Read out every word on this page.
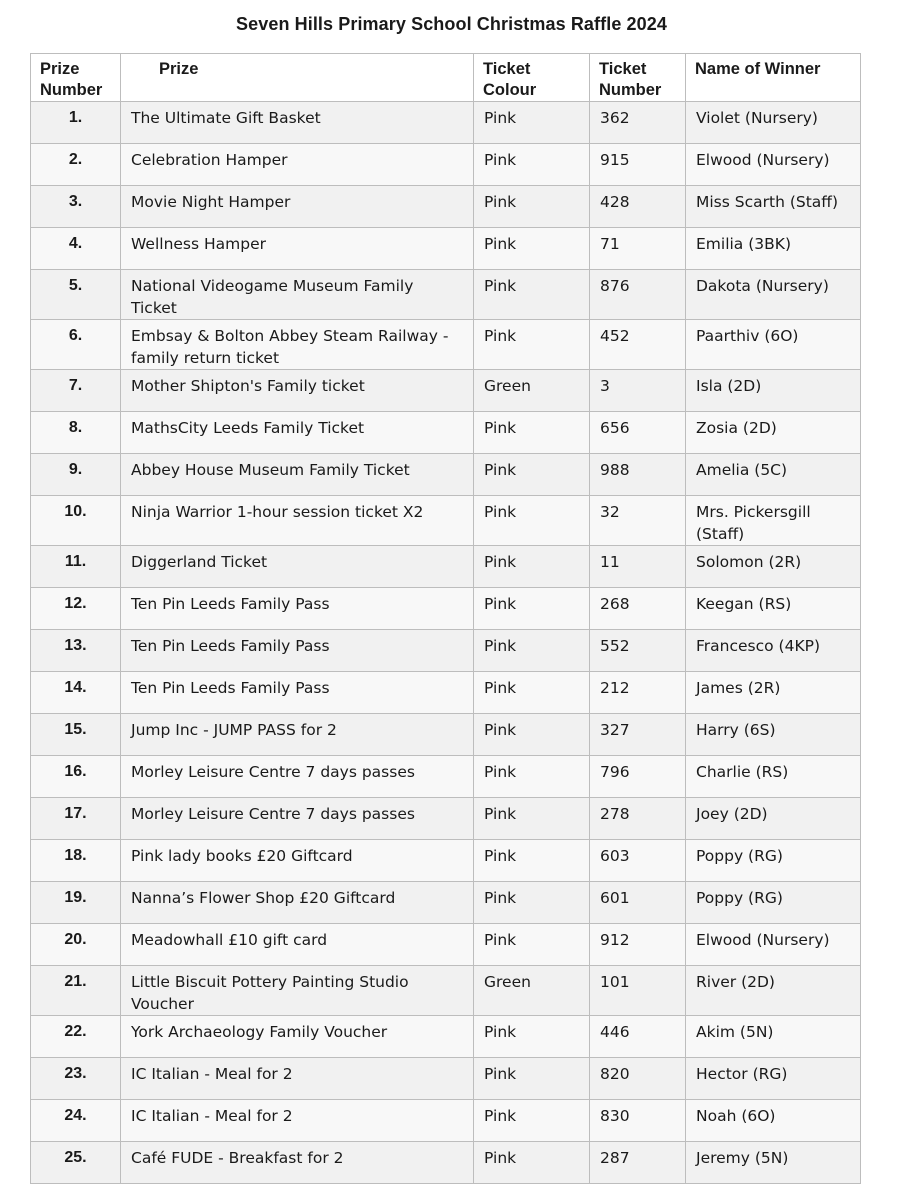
Seven Hills Primary School Christmas Raffle 2024
Prize Number	Prize	Ticket Colour	Ticket Number	Name of Winner
1.	The Ultimate Gift Basket	Pink	362	Violet (Nursery)
2.	Celebration Hamper	Pink	915	Elwood (Nursery)
3.	Movie Night Hamper	Pink	428	Miss Scarth (Staff)
4.	Wellness Hamper	Pink	71	Emilia (3BK)
5.	National Videogame Museum Family Ticket	Pink	876	Dakota (Nursery)
6.	Embsay & Bolton Abbey Steam Railway - family return ticket	Pink	452	Paarthiv (6O)
7.	Mother Shipton's Family ticket	Green	3	Isla (2D)
8.	MathsCity Leeds Family Ticket	Pink	656	Zosia (2D)
9.	Abbey House Museum Family Ticket	Pink	988	Amelia (5C)
10.	Ninja Warrior 1-hour session ticket X2	Pink	32	Mrs. Pickersgill (Staff)
11.	Diggerland Ticket	Pink	11	Solomon (2R)
12.	Ten Pin Leeds Family Pass	Pink	268	Keegan (RS)
13.	Ten Pin Leeds Family Pass	Pink	552	Francesco (4KP)
14.	Ten Pin Leeds Family Pass	Pink	212	James (2R)
15.	Jump Inc - JUMP PASS for 2	Pink	327	Harry (6S)
16.	Morley Leisure Centre 7 days passes	Pink	796	Charlie (RS)
17.	Morley Leisure Centre 7 days passes	Pink	278	Joey (2D)
18.	Pink lady books £20 Giftcard	Pink	603	Poppy (RG)
19.	Nanna’s Flower Shop £20 Giftcard	Pink	601	Poppy (RG)
20.	Meadowhall £10 gift card	Pink	912	Elwood (Nursery)
21.	Little Biscuit Pottery Painting Studio Voucher	Green	101	River (2D)
22.	York Archaeology Family Voucher	Pink	446	Akim (5N)
23.	IC Italian - Meal for 2	Pink	820	Hector (RG)
24.	IC Italian - Meal for 2	Pink	830	Noah (6O)
25.	Café FUDE - Breakfast for 2	Pink	287	Jeremy (5N)
